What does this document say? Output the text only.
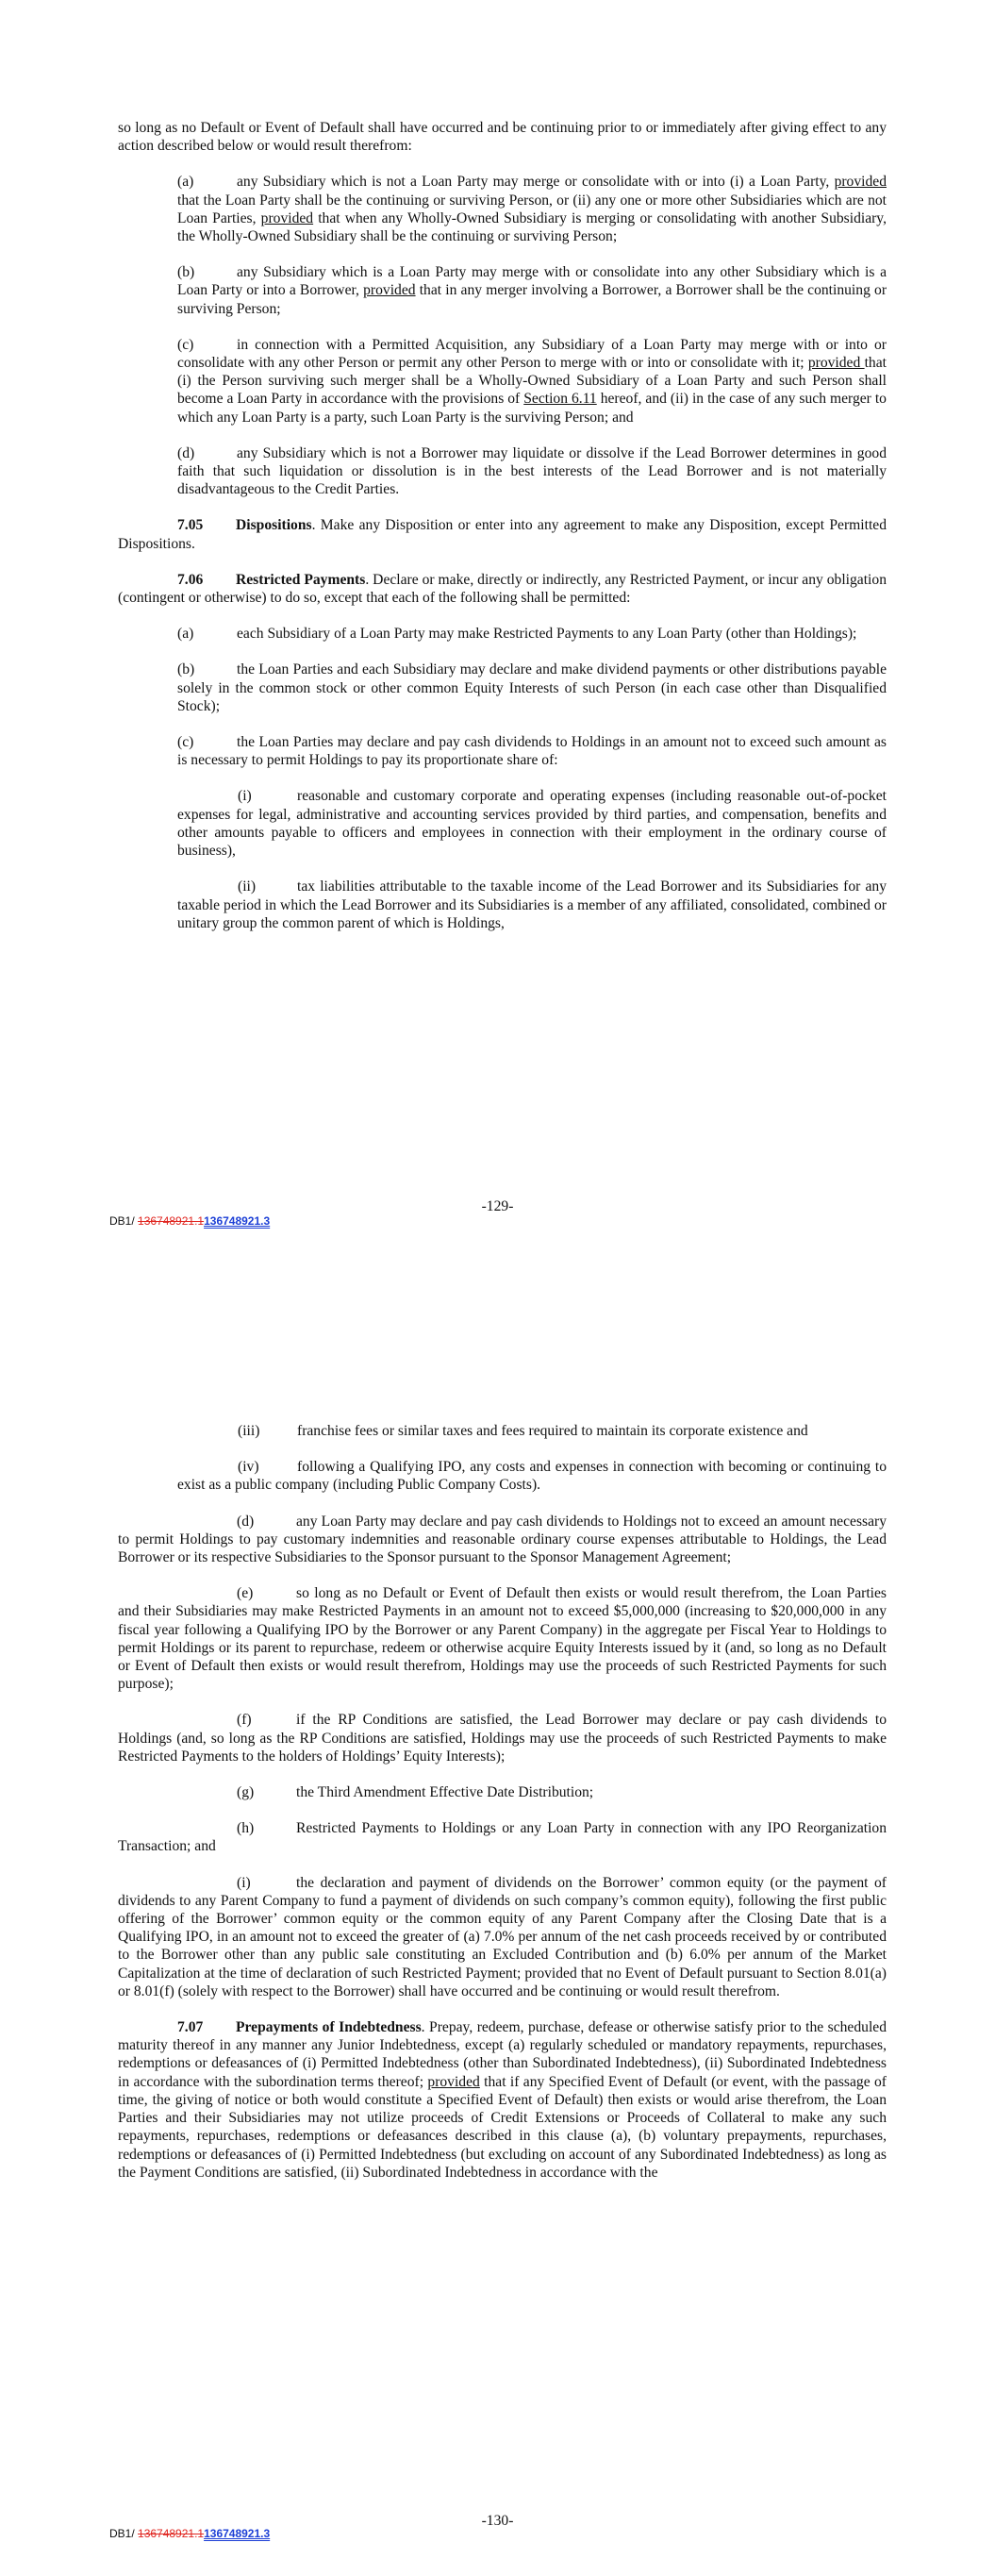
so long as no Default or Event of Default shall have occurred and be continuing prior to or immediately after giving effect to any action described below or would result therefrom:

(a)	any Subsidiary which is not a Loan Party may merge or consolidate with or into (i) a Loan Party, provided that the Loan Party shall be the continuing or surviving Person, or (ii) any one or more other Subsidiaries which are not Loan Parties, provided that when any Wholly-Owned Subsidiary is merging or consolidating with another Subsidiary, the Wholly-Owned Subsidiary shall be the continuing or surviving Person;

(b)	any Subsidiary which is a Loan Party may merge with or consolidate into any other Subsidiary which is a Loan Party or into a Borrower, provided that in any merger involving a Borrower, a Borrower shall be the continuing or surviving Person;

(c)	in connection with a Permitted Acquisition, any Subsidiary of a Loan Party may merge with or into or consolidate with any other Person or permit any other Person to merge with or into or consolidate with it; provided that (i) the Person surviving such merger shall be a Wholly-Owned Subsidiary of a Loan Party and such Person shall become a Loan Party in accordance with the provisions of Section 6.11 hereof, and (ii) in the case of any such merger to which any Loan Party is a party, such Loan Party is the surviving Person; and

(d)	any Subsidiary which is not a Borrower may liquidate or dissolve if the Lead Borrower determines in good faith that such liquidation or dissolution is in the best interests of the Lead Borrower and is not materially disadvantageous to the Credit Parties.

7.05 Dispositions. Make any Disposition or enter into any agreement to make any Disposition, except Permitted Dispositions.

7.06 Restricted Payments. Declare or make, directly or indirectly, any Restricted Payment, or incur any obligation (contingent or otherwise) to do so, except that each of the following shall be permitted:

(a)	each Subsidiary of a Loan Party may make Restricted Payments to any Loan Party (other than Holdings);

(b)	the Loan Parties and each Subsidiary may declare and make dividend payments or other distributions payable solely in the common stock or other common Equity Interests of such Person (in each case other than Disqualified Stock);

(c)	the Loan Parties may declare and pay cash dividends to Holdings in an amount not to exceed such amount as is necessary to permit Holdings to pay its proportionate share of:

(i)	reasonable and customary corporate and operating expenses (including reasonable out-of-pocket expenses for legal, administrative and accounting services provided by third parties, and compensation, benefits and other amounts payable to officers and employees in connection with their employment in the ordinary course of business),

(ii)	tax liabilities attributable to the taxable income of the Lead Borrower and its Subsidiaries for any taxable period in which the Lead Borrower and its Subsidiaries is a member of any affiliated, consolidated, combined or unitary group the common parent of which is Holdings,

-129-
DB1/ 136748921.1136748921.3

(iii)	franchise fees or similar taxes and fees required to maintain its corporate existence and

(iv)	following a Qualifying IPO, any costs and expenses in connection with becoming or continuing to exist as a public company (including Public Company Costs).

(d)	any Loan Party may declare and pay cash dividends to Holdings not to exceed an amount necessary to permit Holdings to pay customary indemnities and reasonable ordinary course expenses attributable to Holdings, the Lead Borrower or its respective Subsidiaries to the Sponsor pursuant to the Sponsor Management Agreement;

(e)	so long as no Default or Event of Default then exists or would result therefrom, the Loan Parties and their Subsidiaries may make Restricted Payments in an amount not to exceed $5,000,000 (increasing to $20,000,000 in any fiscal year following a Qualifying IPO by the Borrower or any Parent Company) in the aggregate per Fiscal Year to Holdings to permit Holdings or its parent to repurchase, redeem or otherwise acquire Equity Interests issued by it (and, so long as no Default or Event of Default then exists or would result therefrom, Holdings may use the proceeds of such Restricted Payments for such purpose);

(f)	if the RP Conditions are satisfied, the Lead Borrower may declare or pay cash dividends to Holdings (and, so long as the RP Conditions are satisfied, Holdings may use the proceeds of such Restricted Payments to make Restricted Payments to the holders of Holdings’ Equity Interests);

(g)	the Third Amendment Effective Date Distribution;

(h)	Restricted Payments to Holdings or any Loan Party in connection with any IPO Reorganization Transaction; and

(i)	the declaration and payment of dividends on the Borrower’ common equity (or the payment of dividends to any Parent Company to fund a payment of dividends on such company’s common equity), following the first public offering of the Borrower’ common equity or the common equity of any Parent Company after the Closing Date that is a Qualifying IPO, in an amount not to exceed the greater of (a) 7.0% per annum of the net cash proceeds received by or contributed to the Borrower other than any public sale constituting an Excluded Contribution and (b) 6.0% per annum of the Market Capitalization at the time of declaration of such Restricted Payment; provided that no Event of Default pursuant to Section 8.01(a) or 8.01(f) (solely with respect to the Borrower) shall have occurred and be continuing or would result therefrom.

7.07 Prepayments of Indebtedness. Prepay, redeem, purchase, defease or otherwise satisfy prior to the scheduled maturity thereof in any manner any Junior Indebtedness, except (a) regularly scheduled or mandatory repayments, repurchases, redemptions or defeasances of (i) Permitted Indebtedness (other than Subordinated Indebtedness), (ii) Subordinated Indebtedness in accordance with the subordination terms thereof; provided that if any Specified Event of Default (or event, with the passage of time, the giving of notice or both would constitute a Specified Event of Default) then exists or would arise therefrom, the Loan Parties and their Subsidiaries may not utilize proceeds of Credit Extensions or Proceeds of Collateral to make any such repayments, repurchases, redemptions or defeasances described in this clause (a), (b) voluntary prepayments, repurchases, redemptions or defeasances of (i) Permitted Indebtedness (but excluding on account of any Subordinated Indebtedness) as long as the Payment Conditions are satisfied, (ii) Subordinated Indebtedness in accordance with the

-130-
DB1/ 136748921.1136748921.3
